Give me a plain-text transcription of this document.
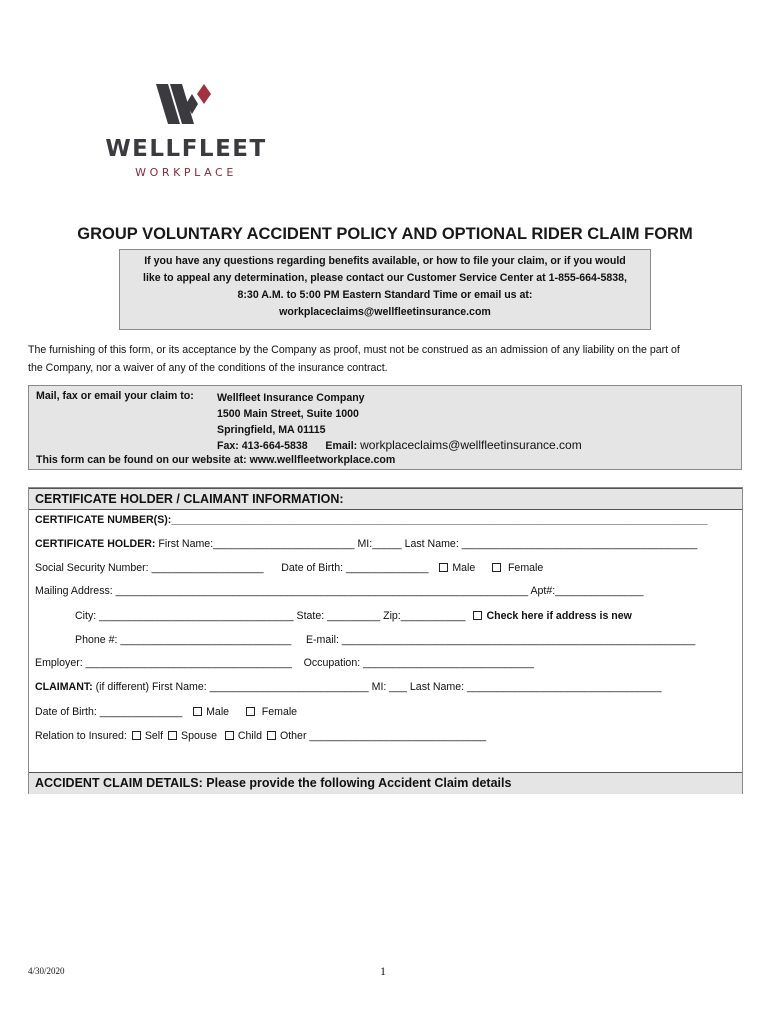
WELLFLEET
WORKPLACE
GROUP VOLUNTARY ACCIDENT POLICY AND OPTIONAL RIDER CLAIM FORM
If you have any questions regarding benefits available, or how to file your claim, or if you would
like to appeal any determination, please contact our Customer Service Center at 1-855-664-5838,
8:30 A.M. to 5:00 PM Eastern Standard Time or email us at:
workplaceclaims@wellfleetinsurance.com
The furnishing of this form, or its acceptance by the Company as proof, must not be construed as an admission of any liability on the part of
the Company, nor a waiver of any of the conditions of the insurance contract.
Mail, fax or email your claim to: Wellfleet Insurance Company
1500 Main Street, Suite 1000
Springfield, MA 01115
Fax: 413-664-5838 Email: workplaceclaims@wellfleetinsurance.com
This form can be found on our website at: www.wellfleetworkplace.com
CERTIFICATE HOLDER / CLAIMANT INFORMATION:
CERTIFICATE NUMBER(S):___________________________________________________________________________________________
CERTIFICATE HOLDER: First Name:________________________ MI:_____ Last Name: ________________________________________
Social Security Number: ___________________ Date of Birth: ______________ Male	Female
Mailing Address: ______________________________________________________________________ Apt#:_______________
City: _________________________________ State: _________ Zip:___________ Check here if address is new
Phone #: _____________________________ E-mail: ____________________________________________________________
Employer: ___________________________________ Occupation: _____________________________
CLAIMANT: (if different) First Name: ___________________________ MI: ___ Last Name: _________________________________
Date of Birth: ______________ Male	Female
Relation to Insured: Self Spouse Child Other ______________________________
ACCIDENT CLAIM DETAILS: Please provide the following Accident Claim details
4/30/2020	1
